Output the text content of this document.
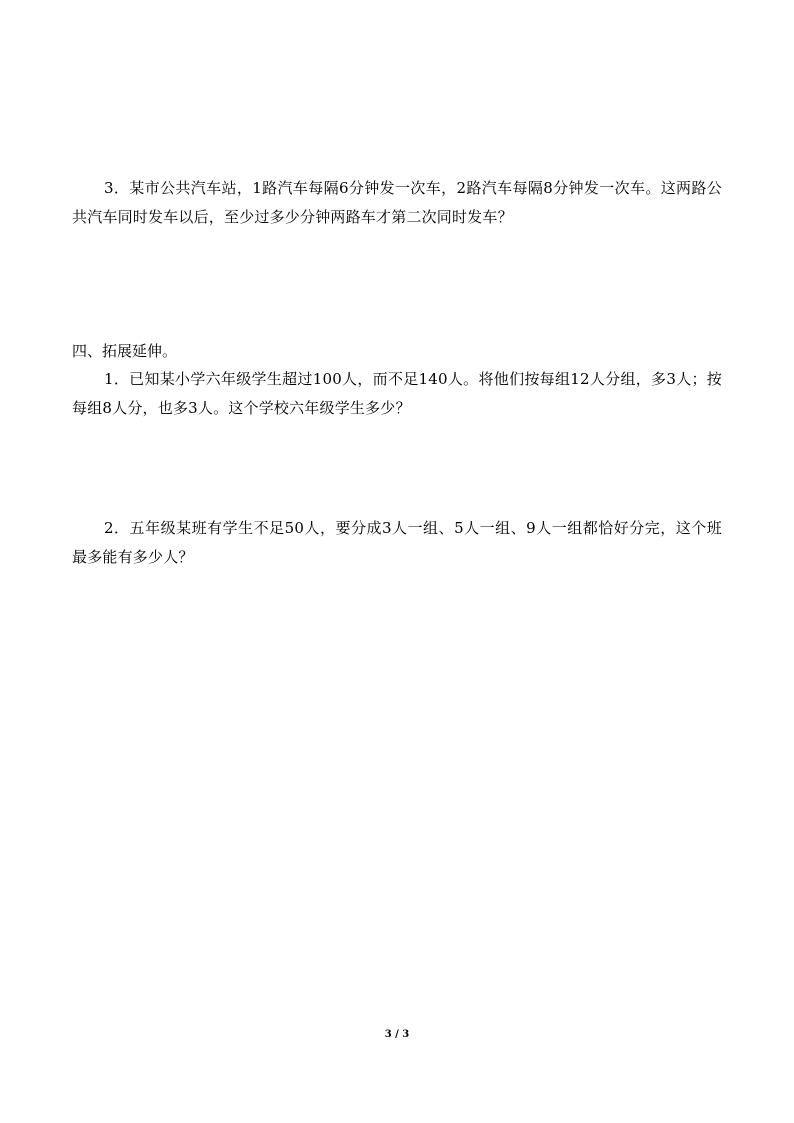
3．某市公共汽车站，1路汽车每隔6分钟发一次车，2路汽车每隔8分钟发一次车。这两路公共汽车同时发车以后，至少过多少分钟两路车才第二次同时发车？

四、拓展延伸。

1．已知某小学六年级学生超过100人，而不足140人。将他们按每组12人分组，多3人；按每组8人分，也多3人。这个学校六年级学生多少？

2．五年级某班有学生不足50人，要分成3人一组、5人一组、9人一组都恰好分完，这个班最多能有多少人？

3 / 3
